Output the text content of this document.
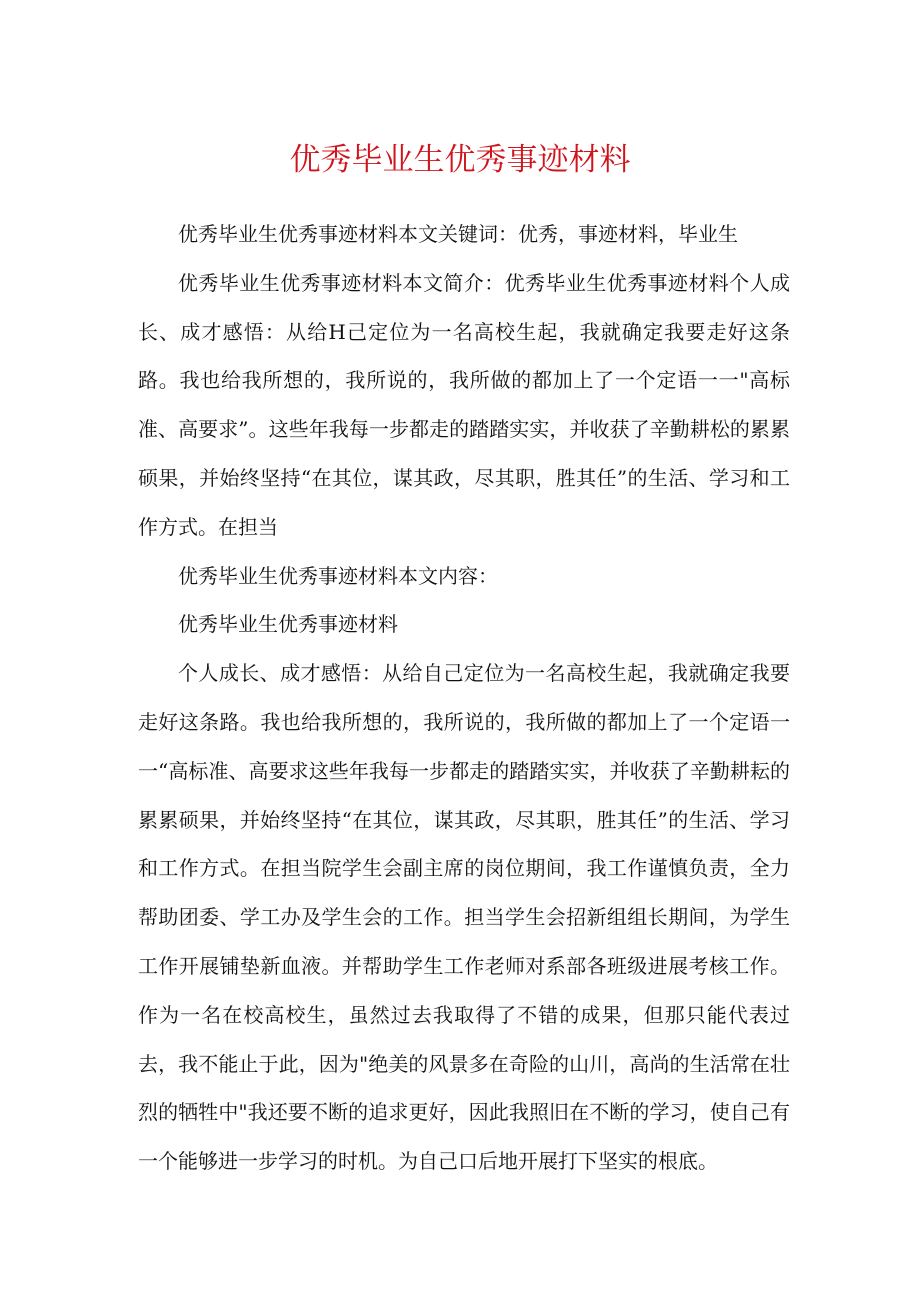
优秀毕业生优秀事迹材料

优秀毕业生优秀事迹材料本文关键词：优秀，事迹材料，毕业生

优秀毕业生优秀事迹材料本文简介：优秀毕业生优秀事迹材料个人成长、成才感悟：从给H己定位为一名高校生起，我就确定我要走好这条路。我也给我所想的，我所说的，我所做的都加上了一个定语一一"高标准、高要求”。这些年我每一步都走的踏踏实实，并收获了辛勤耕松的累累硕果，并始终坚持“在其位，谋其政，尽其职，胜其任”的生活、学习和工作方式。在担当

优秀毕业生优秀事迹材料本文内容：

优秀毕业生优秀事迹材料

个人成长、成才感悟：从给自己定位为一名高校生起，我就确定我要走好这条路。我也给我所想的，我所说的，我所做的都加上了一个定语一一“高标准、高要求这些年我每一步都走的踏踏实实，并收获了辛勤耕耘的累累硕果，并始终坚持“在其位，谋其政，尽其职，胜其任”的生活、学习和工作方式。在担当院学生会副主席的岗位期间，我工作谨慎负责，全力帮助团委、学工办及学生会的工作。担当学生会招新组组长期间，为学生工作开展铺垫新血液。并帮助学生工作老师对系部各班级进展考核工作。作为一名在校高校生，虽然过去我取得了不错的成果，但那只能代表过去，我不能止于此，因为"绝美的风景多在奇险的山川，高尚的生活常在壮烈的牺牲中"我还要不断的追求更好，因此我照旧在不断的学习，使自己有一个能够进一步学习的时机。为自己口后地开展打下坚实的根底。
